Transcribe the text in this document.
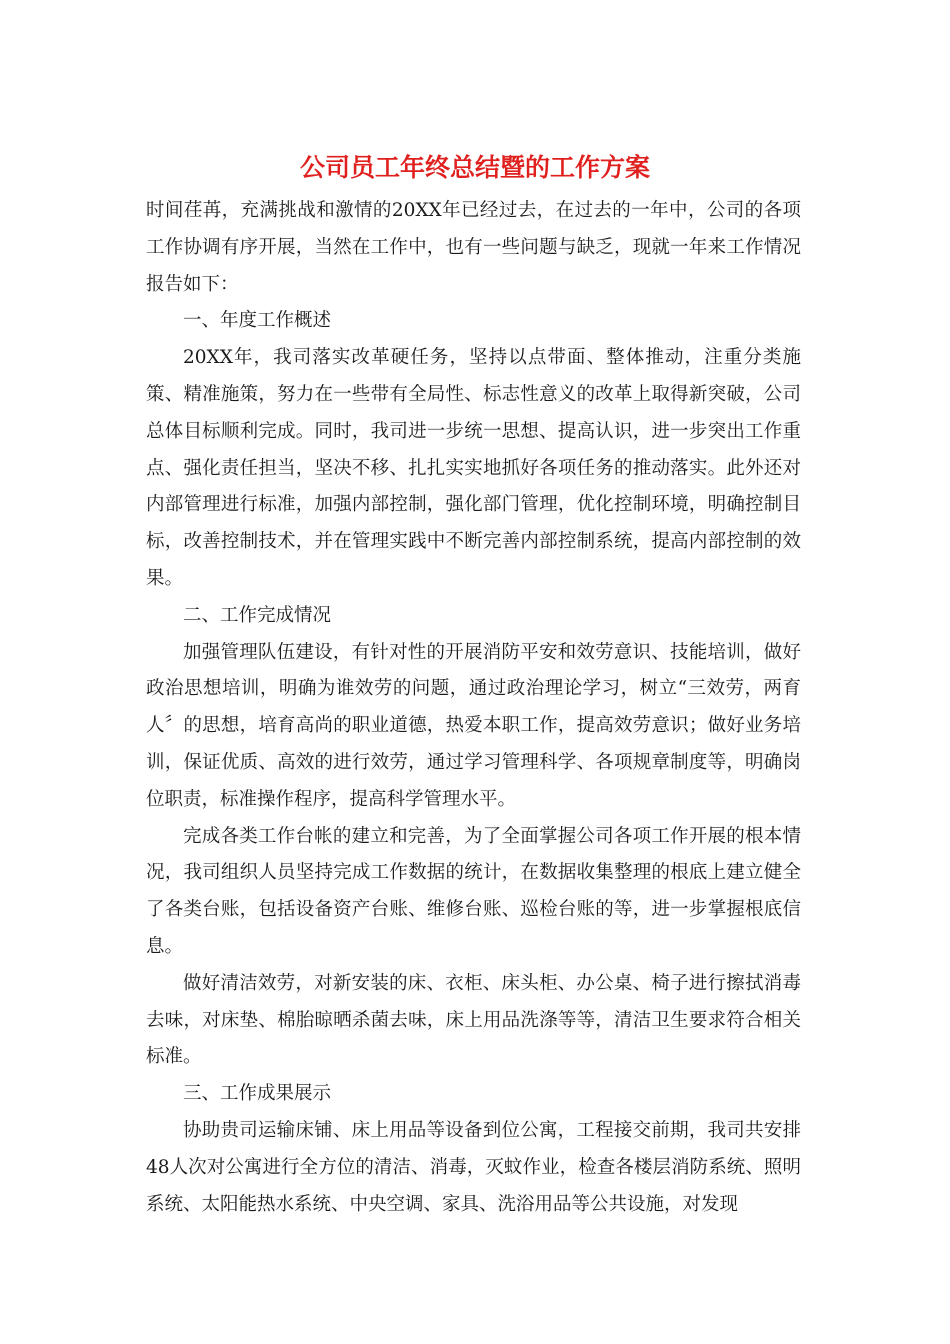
公司员工年终总结暨的工作方案

时间荏苒，充满挑战和激情的20XX年已经过去，在过去的一年中，公司的各项工作协调有序开展，当然在工作中，也有一些问题与缺乏，现就一年来工作情况报告如下：

一、年度工作概述

20XX年，我司落实改革硬任务，坚持以点带面、整体推动，注重分类施策、精准施策，努力在一些带有全局性、标志性意义的改革上取得新突破，公司总体目标顺利完成。同时，我司进一步统一思想、提高认识，进一步突出工作重点、强化责任担当，坚决不移、扎扎实实地抓好各项任务的推动落实。此外还对内部管理进行标准，加强内部控制，强化部门管理，优化控制环境，明确控制目标，改善控制技术，并在管理实践中不断完善内部控制系统，提高内部控制的效果。

二、工作完成情况

加强管理队伍建设，有针对性的开展消防平安和效劳意识、技能培训，做好政治思想培训，明确为谁效劳的问题，通过政治理论学习，树立“三效劳，两育人〞的思想，培育高尚的职业道德，热爱本职工作，提高效劳意识；做好业务培训，保证优质、高效的进行效劳，通过学习管理科学、各项规章制度等，明确岗位职责，标准操作程序，提高科学管理水平。

完成各类工作台帐的建立和完善，为了全面掌握公司各项工作开展的根本情况，我司组织人员坚持完成工作数据的统计，在数据收集整理的根底上建立健全了各类台账，包括设备资产台账、维修台账、巡检台账的等，进一步掌握根底信息。

做好清洁效劳，对新安装的床、衣柜、床头柜、办公桌、椅子进行擦拭消毒去味，对床垫、棉胎晾晒杀菌去味，床上用品洗涤等等，清洁卫生要求符合相关标准。

三、工作成果展示

协助贵司运输床铺、床上用品等设备到位公寓，工程接交前期，我司共安排48人次对公寓进行全方位的清洁、消毒，灭蚊作业，检查各楼层消防系统、照明系统、太阳能热水系统、中央空调、家具、洗浴用品等公共设施，对发现
